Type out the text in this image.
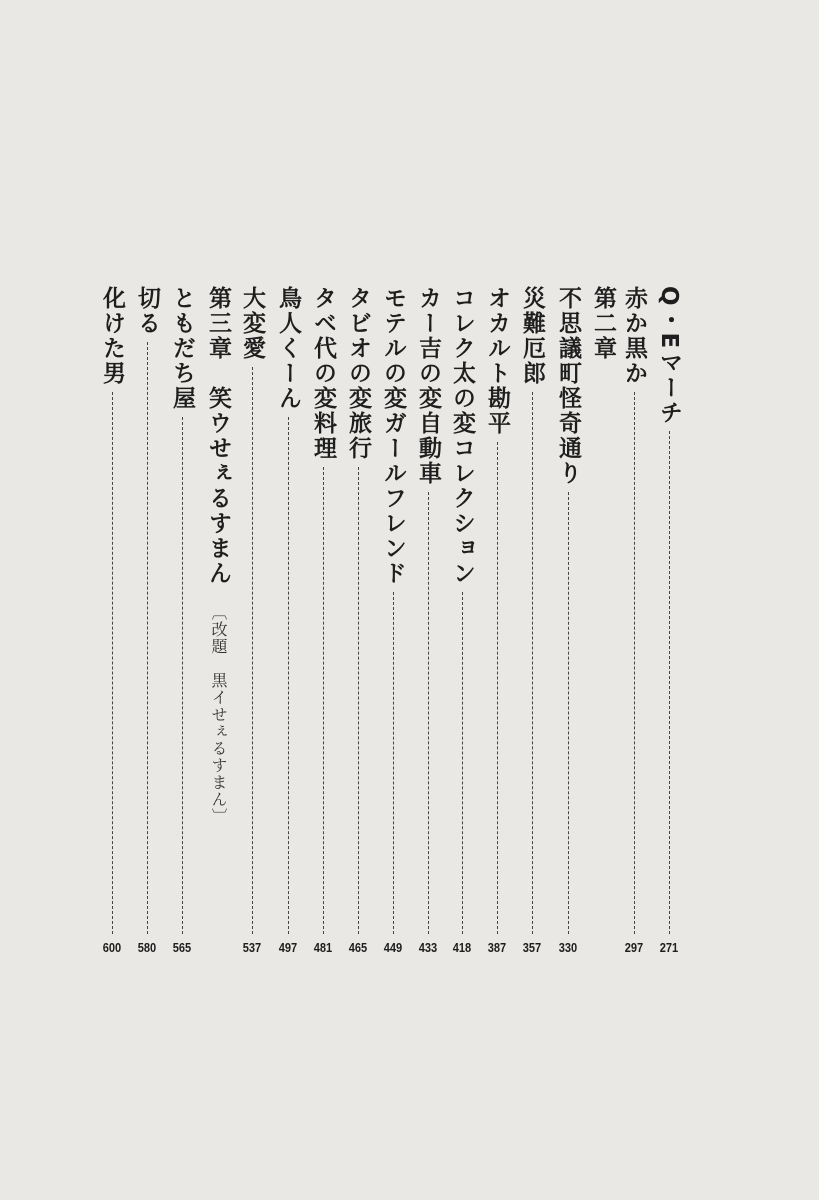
Q・Eマーチ
271
赤か黒か
297
第二章
不思議町怪奇通り
330
災難厄郎
357
オカルト勘平
387
コレク太の変コレクション
418
カー吉の変自動車
433
モテルの変ガールフレンド
449
タビオの変旅行
465
タベ代の変料理
481
鳥人くーん
497
大変愛
537
第三章　笑ウせぇるすまん
〔改題　黒イせぇるすまん〕
ともだち屋
565
切る
580
化けた男
600
